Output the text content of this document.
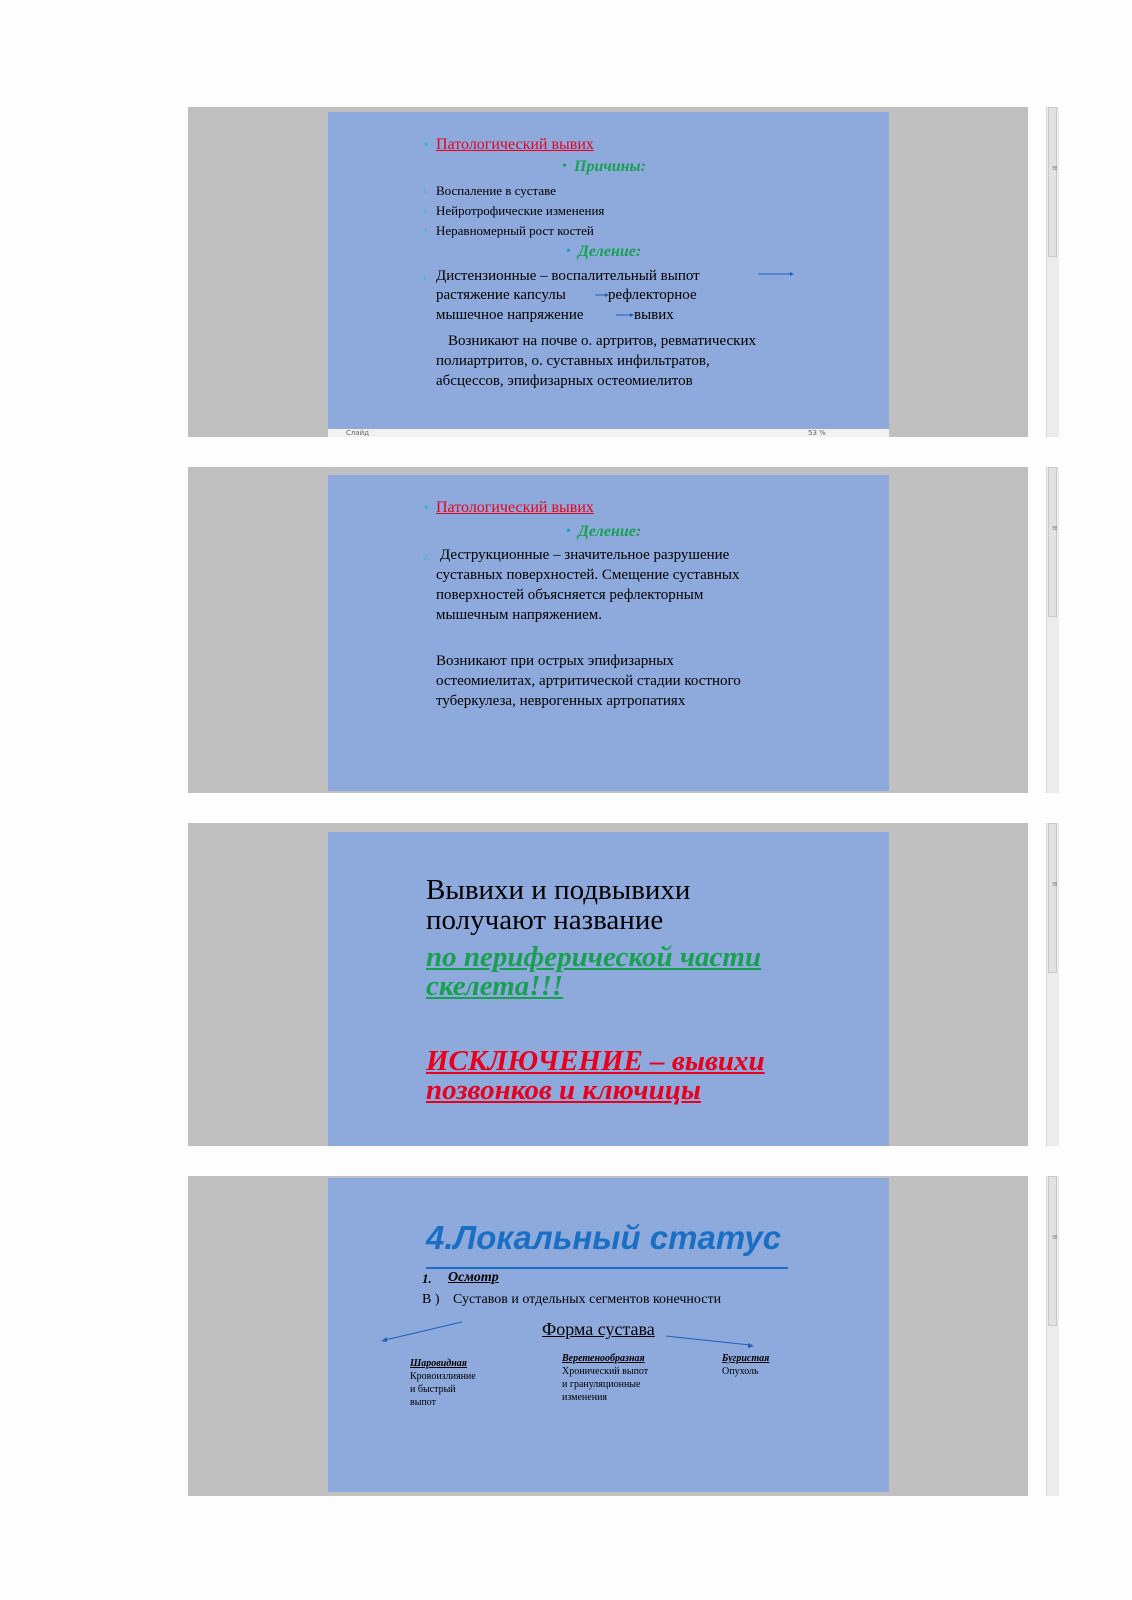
≡
• Патологический вывих
• Причины:
1. Воспаление в суставе
2. Нейротрофические изменения
3. Неравномерный рост костей
• Деление:
1. Дистензионные – воспалительный выпот
растяжение капсулы	рефлекторное
мышечное напряжение	вывих
Возникают на почве о. артритов, ревматических
полиартритов, о. суставных инфильтратов,
абсцессов, эпифизарных остеомиелитов
Слайд	53 %
≡
• Патологический вывих
• Деление:
2. Деструкционные – значительное разрушение
суставных поверхностей. Смещение суставных
поверхностей объясняется рефлекторным
мышечным напряжением.
Возникают при острых эпифизарных
остеомиелитах, артритической стадии костного
туберкулеза, неврогенных артропатиях
≡
Вывихи и подвывихи
получают название
по периферической части
скелета!!!
ИСКЛЮЧЕНИЕ – вывихи
позвонков и ключицы
≡
4.Локальный статус
1. Осмотр
В ) Суставов и отдельных сегментов конечности
Форма сустава
Шаровидная
Кровоизлияние
и быстрый
выпот
Веретенообразная
Хронический выпот
и грануляционные
изменения
Бугристая
Опухоль
